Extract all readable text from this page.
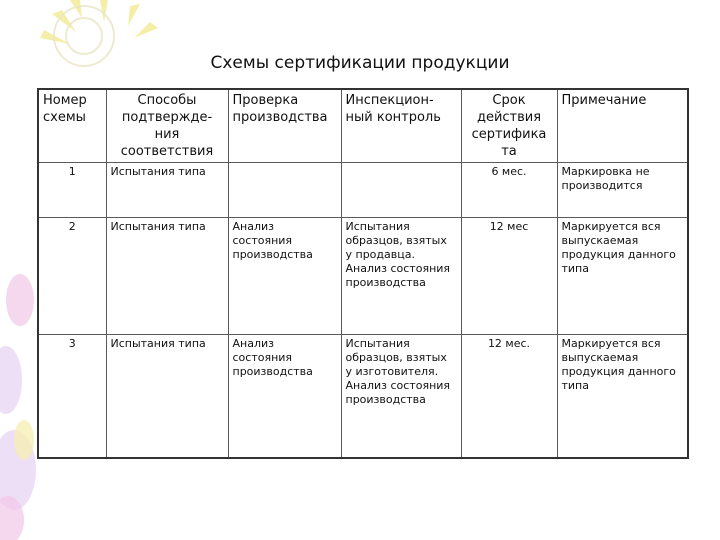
Схемы сертификации продукции
Номер схемы	Способы подтвержде-ния соответствия	Проверка производства	Инспекцион-ный контроль	Срок действия сертифика та	Примечание
1	Испытания типа			6 мес.	Маркировка не производится
2	Испытания типа	Анализ состояния производства	Испытания образцов, взятых у продавца. Анализ состояния производства	12 мес	Маркируется вся выпускаемая продукция данного типа
3	Испытания типа	Анализ состояния производства	Испытания образцов, взятых у изготовителя. Анализ состояния производства	12 мес.	Маркируется вся выпускаемая продукция данного типа
